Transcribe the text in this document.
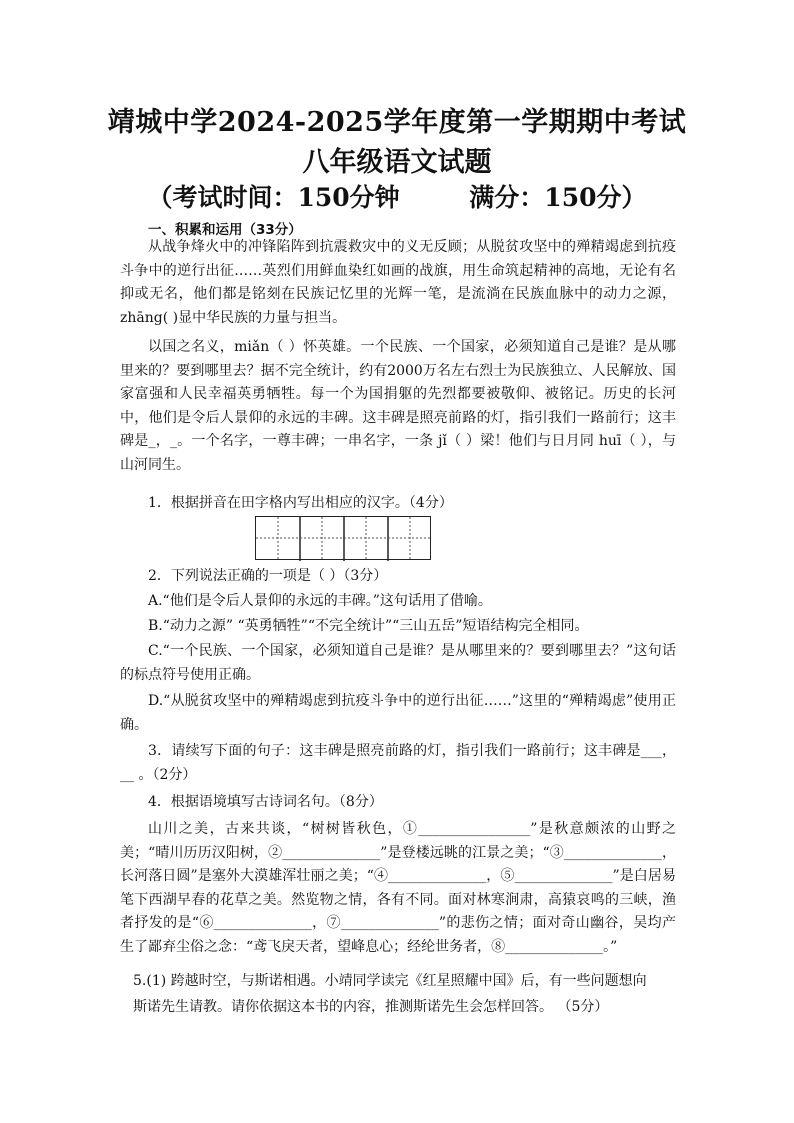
靖城中学2024-2025学年度第一学期期中考试
八年级语文试题
（考试时间：150分钟        满分：150分）

一、积累和运用（33分）

从战争烽火中的冲锋陷阵到抗震救灾中的义无反顾；从脱贫攻坚中的殚精竭虑到抗疫斗争中的逆行出征……英烈们用鲜血染红如画的战旗，用生命筑起精神的高地，无论有名抑或无名，他们都是铭刻在民族记忆里的光辉一笔，是流淌在民族血脉中的动力之源，zhāng( )显中华民族的力量与担当。

以国之名义，miǎn（ ）怀英雄。一个民族、一个国家，必须知道自己是谁？是从哪里来的？要到哪里去？据不完全统计，约有2000万名左右烈士为民族独立、人民解放、国家富强和人民幸福英勇牺牲。每一个为国捐躯的先烈都要被敬仰、被铭记。历史的长河中，他们是令后人景仰的永远的丰碑。这丰碑是照亮前路的灯，指引我们一路前行；这丰碑是_，_。一个名字，一尊丰碑；一串名字，一条 jǐ（ ）梁！他们与日月同 huī（ ），与山河同生。

1．根据拼音在田字格内写出相应的汉字。（4分）

2．下列说法正确的一项是（ ）（3分）

A.“他们是令后人景仰的永远的丰碑。”这句话用了借喻。

B.“动力之源” “英勇牺牲”“不完全统计”“三山五岳”短语结构完全相同。

C.“一个民族、一个国家，必须知道自己是谁？是从哪里来的？要到哪里去？”这句话的标点符号使用正确。

D.“从脱贫攻坚中的殚精竭虑到抗疫斗争中的逆行出征……”这里的“殚精竭虑”使用正确。

3．请续写下面的句子：这丰碑是照亮前路的灯，指引我们一路前行；这丰碑是___，__ 。（2分）

4．根据语境填写古诗词名句。（8分）

山川之美，古来共谈，“树树皆秋色，①________________”是秋意颇浓的山野之美；“晴川历历汉阳树，②______________”是登楼远眺的江景之美；“③______________，长河落日圆”是塞外大漠雄浑壮丽之美；“④______________，⑤______________”是白居易笔下西湖早春的花草之美。然览物之情，各有不同。面对林寒涧肃，高猿哀鸣的三峡，渔者抒发的是“⑥______________，⑦______________”的悲伤之情；面对奇山幽谷，吴均产生了鄙弃尘俗之念：“鸢飞戾天者，望峰息心；经纶世务者，⑧______________。”

5.(1) 跨越时空，与斯诺相遇。小靖同学读完《红星照耀中国》后，有一些问题想向

斯诺先生请教。请你依据这本书的内容，推测斯诺先生会怎样回答。 （5分）
